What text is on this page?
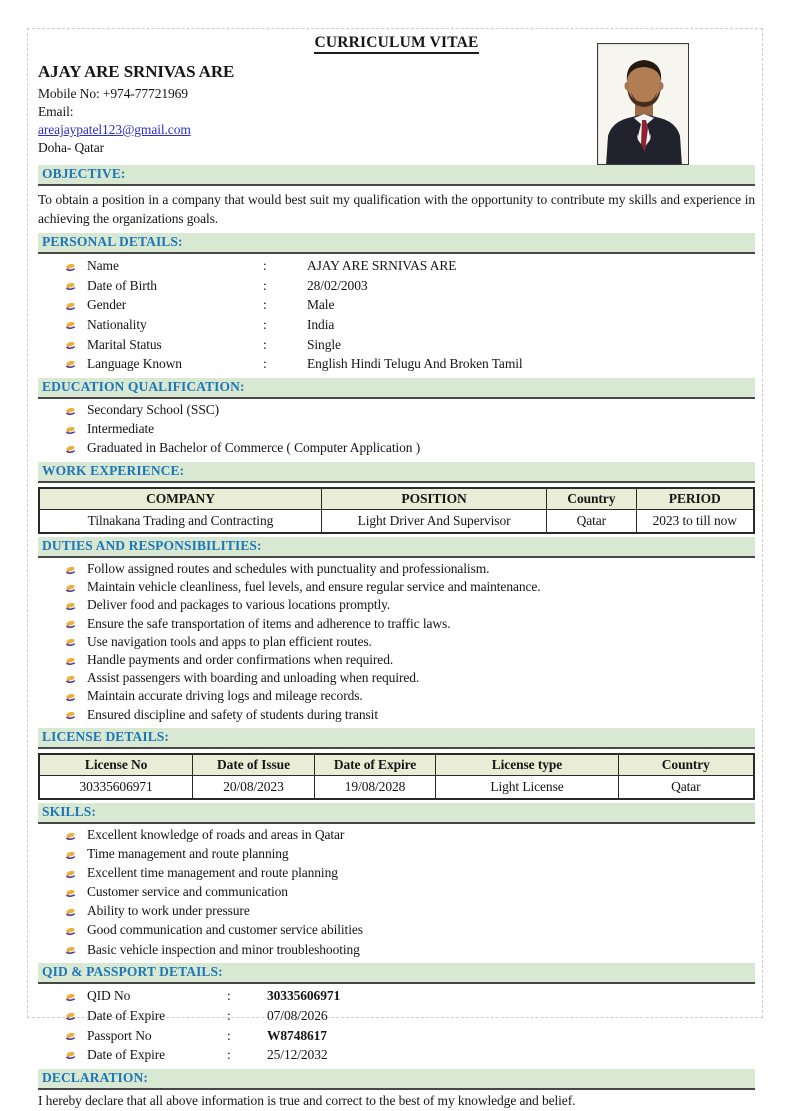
CURRICULUM VITAE
AJAY ARE SRNIVAS ARE
Mobile No: +974-77721969
Email:
areajaypatel123@gmail.com
Doha- Qatar
OBJECTIVE:
To obtain a position in a company that would best suit my qualification with the opportunity to contribute my skills and experience in achieving the organizations goals.
PERSONAL DETAILS:
Name	:	AJAY ARE SRNIVAS ARE
Date of Birth	:	28/02/2003
Gender	:	Male
Nationality	:	India
Marital Status	:	Single
Language Known	:	English Hindi Telugu And Broken Tamil
EDUCATION QUALIFICATION:
Secondary School (SSC)
Intermediate
Graduated in Bachelor of Commerce ( Computer Application )
WORK EXPERIENCE:
COMPANY	POSITION	Country	PERIOD
Tilnakana Trading and Contracting	Light Driver And Supervisor	Qatar	2023 to till now
DUTIES AND RESPONSIBILITIES:
Follow assigned routes and schedules with punctuality and professionalism.
Maintain vehicle cleanliness, fuel levels, and ensure regular service and maintenance.
Deliver food and packages to various locations promptly.
Ensure the safe transportation of items and adherence to traffic laws.
Use navigation tools and apps to plan efficient routes.
Handle payments and order confirmations when required.
Assist passengers with boarding and unloading when required.
Maintain accurate driving logs and mileage records.
Ensured discipline and safety of students during transit
LICENSE DETAILS:
License No	Date of Issue	Date of Expire	License type	Country
30335606971	20/08/2023	19/08/2028	Light License	Qatar
SKILLS:
Excellent knowledge of roads and areas in Qatar
Time management and route planning
Excellent time management and route planning
Customer service and communication
Ability to work under pressure
Good communication and customer service abilities
Basic vehicle inspection and minor troubleshooting
QID & PASSPORT DETAILS:
QID No	:	30335606971
Date of Expire	:	07/08/2026
Passport No	:	W8748617
Date of Expire	:	25/12/2032
DECLARATION:
I hereby declare that all above information is true and correct to the best of my knowledge and belief.
